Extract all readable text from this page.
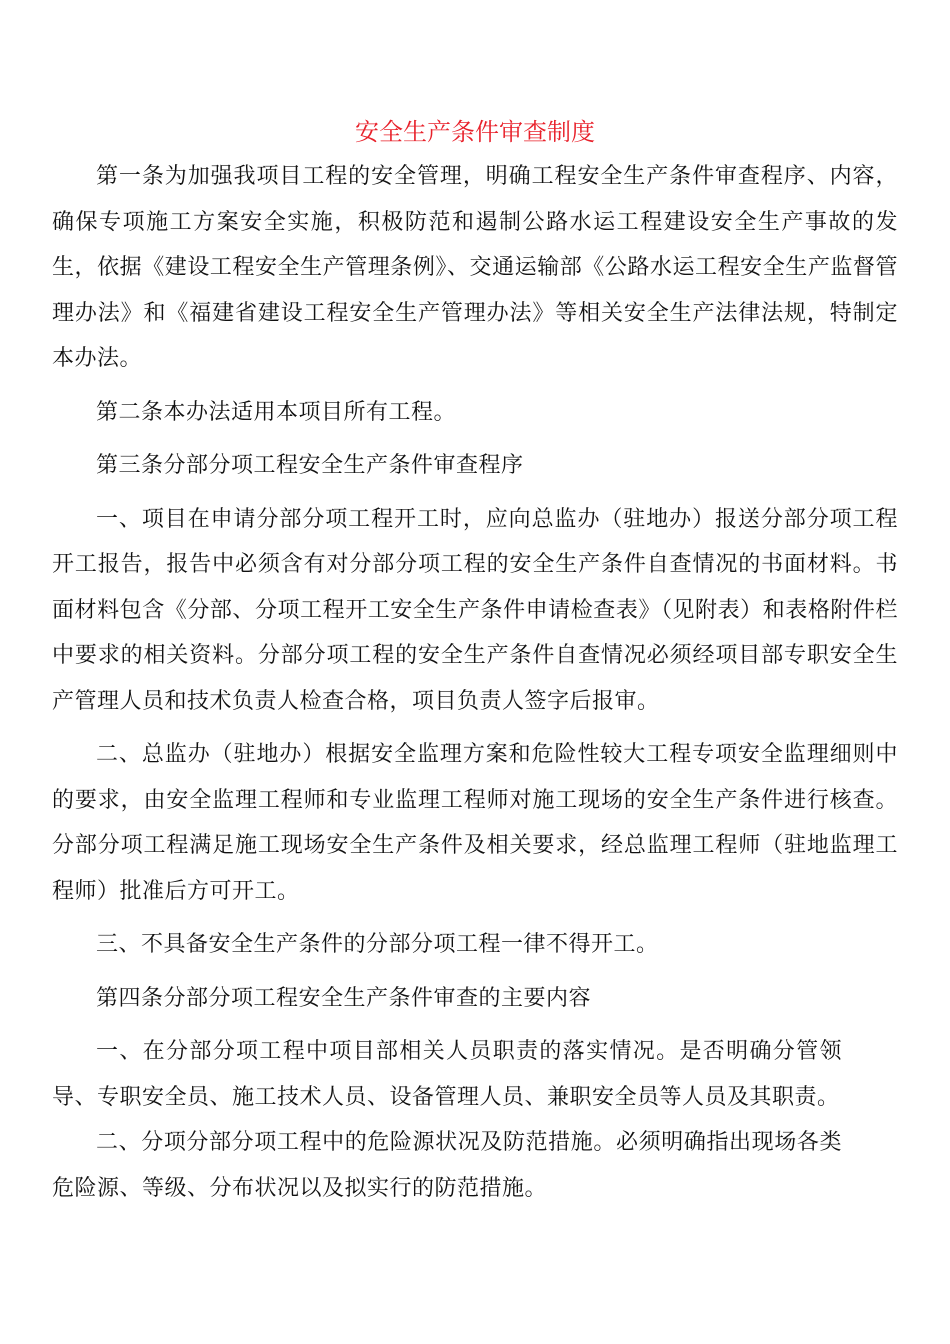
安全生产条件审查制度

第一条为加强我项目工程的安全管理，明确工程安全生产条件审查程序、内容，确保专项施工方案安全实施，积极防范和遏制公路水运工程建设安全生产事故的发生，依据《建设工程安全生产管理条例》、交通运输部《公路水运工程安全生产监督管理办法》和《福建省建设工程安全生产管理办法》等相关安全生产法律法规，特制定本办法。

第二条本办法适用本项目所有工程。

第三条分部分项工程安全生产条件审查程序

一、项目在申请分部分项工程开工时，应向总监办（驻地办）报送分部分项工程开工报告，报告中必须含有对分部分项工程的安全生产条件自查情况的书面材料。书面材料包含《分部、分项工程开工安全生产条件申请检查表》（见附表）和表格附件栏中要求的相关资料。分部分项工程的安全生产条件自查情况必须经项目部专职安全生产管理人员和技术负责人检查合格，项目负责人签字后报审。

二、总监办（驻地办）根据安全监理方案和危险性较大工程专项安全监理细则中的要求，由安全监理工程师和专业监理工程师对施工现场的安全生产条件进行核查。分部分项工程满足施工现场安全生产条件及相关要求，经总监理工程师（驻地监理工程师）批准后方可开工。

三、不具备安全生产条件的分部分项工程一律不得开工。

第四条分部分项工程安全生产条件审查的主要内容

一、在分部分项工程中项目部相关人员职责的落实情况。是否明确分管领导、专职安全员、施工技术人员、设备管理人员、兼职安全员等人员及其职责。

二、分项分部分项工程中的危险源状况及防范措施。必须明确指出现场各类危险源、等级、分布状况以及拟实行的防范措施。
